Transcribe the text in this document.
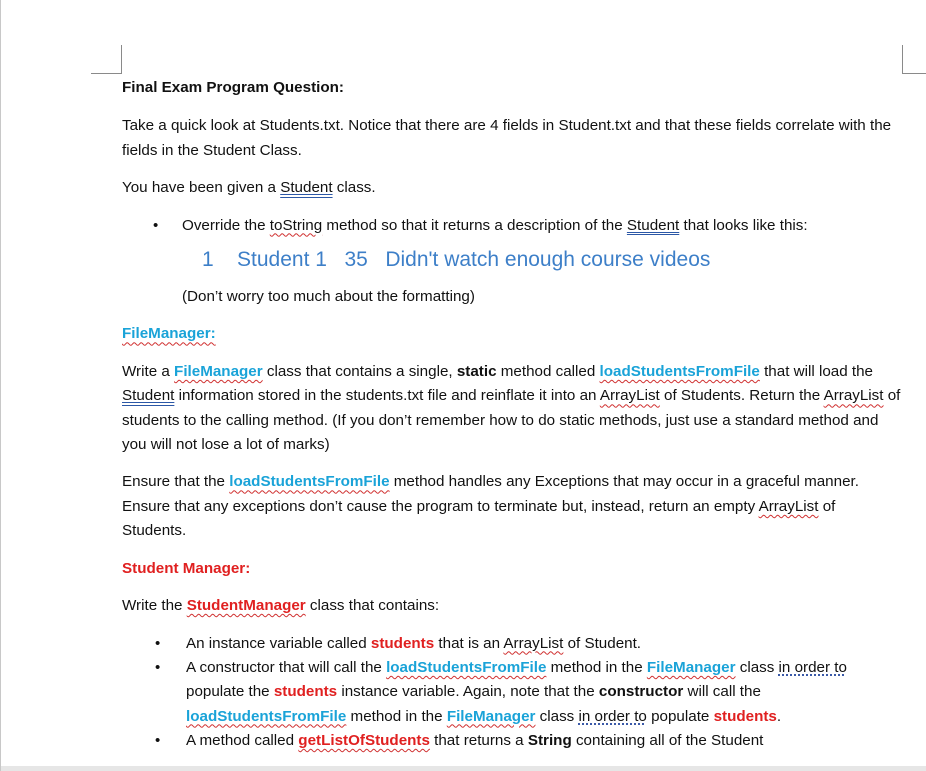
Final Exam Program Question:

Take a quick look at Students.txt. Notice that there are 4 fields in Student.txt and that these fields correlate with the fields in the Student Class.

You have been given a Student class.

• Override the toString method so that it returns a description of the Student that looks like this:

1 Student 1 35 Didn't watch enough course videos

(Don’t worry too much about the formatting)

FileManager:

Write a FileManager class that contains a single, static method called loadStudentsFromFile that will load the Student information stored in the students.txt file and reinflate it into an ArrayList of Students. Return the ArrayList of students to the calling method. (If you don’t remember how to do static methods, just use a standard method and you will not lose a lot of marks)

Ensure that the loadStudentsFromFile method handles any Exceptions that may occur in a graceful manner. Ensure that any exceptions don’t cause the program to terminate but, instead, return an empty ArrayList of Students.

Student Manager:

Write the StudentManager class that contains:

• An instance variable called students that is an ArrayList of Student.
• A constructor that will call the loadStudentsFromFile method in the FileManager class in order to populate the students instance variable. Again, note that the constructor will call the loadStudentsFromFile method in the FileManager class in order to populate students.
• A method called getListOfStudents that returns a String containing all of the Student
